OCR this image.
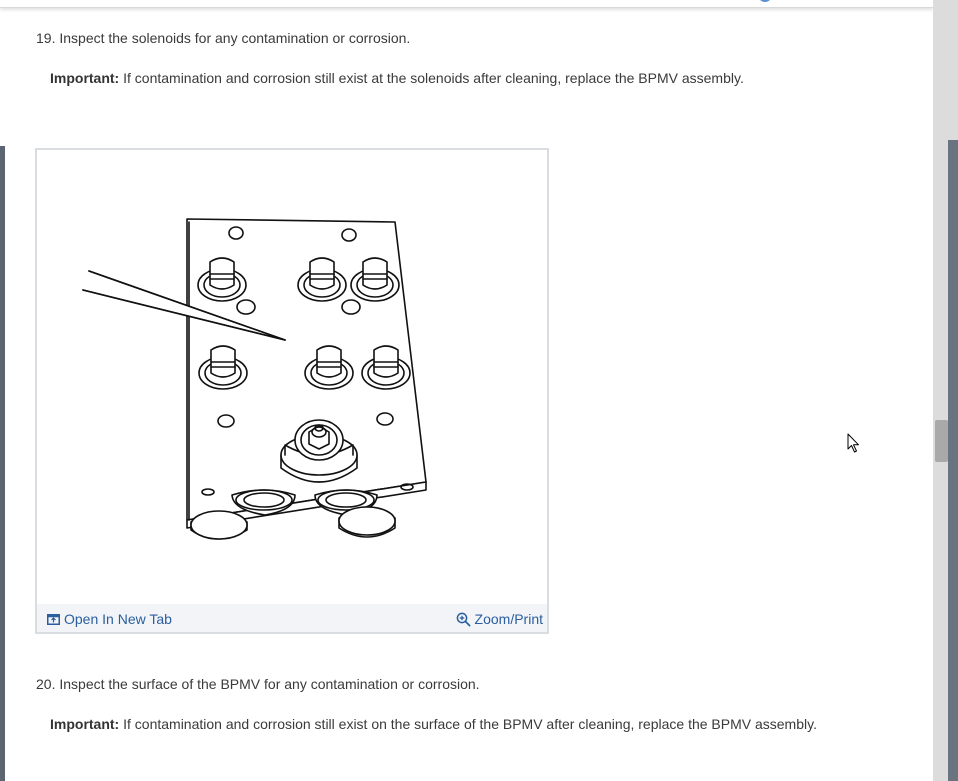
19. Inspect the solenoids for any contamination or corrosion.
Important: If contamination and corrosion still exist at the solenoids after cleaning, replace the BPMV assembly.
Open In New Tab	Zoom/Print
20. Inspect the surface of the BPMV for any contamination or corrosion.
Important: If contamination and corrosion still exist on the surface of the BPMV after cleaning, replace the BPMV assembly.
